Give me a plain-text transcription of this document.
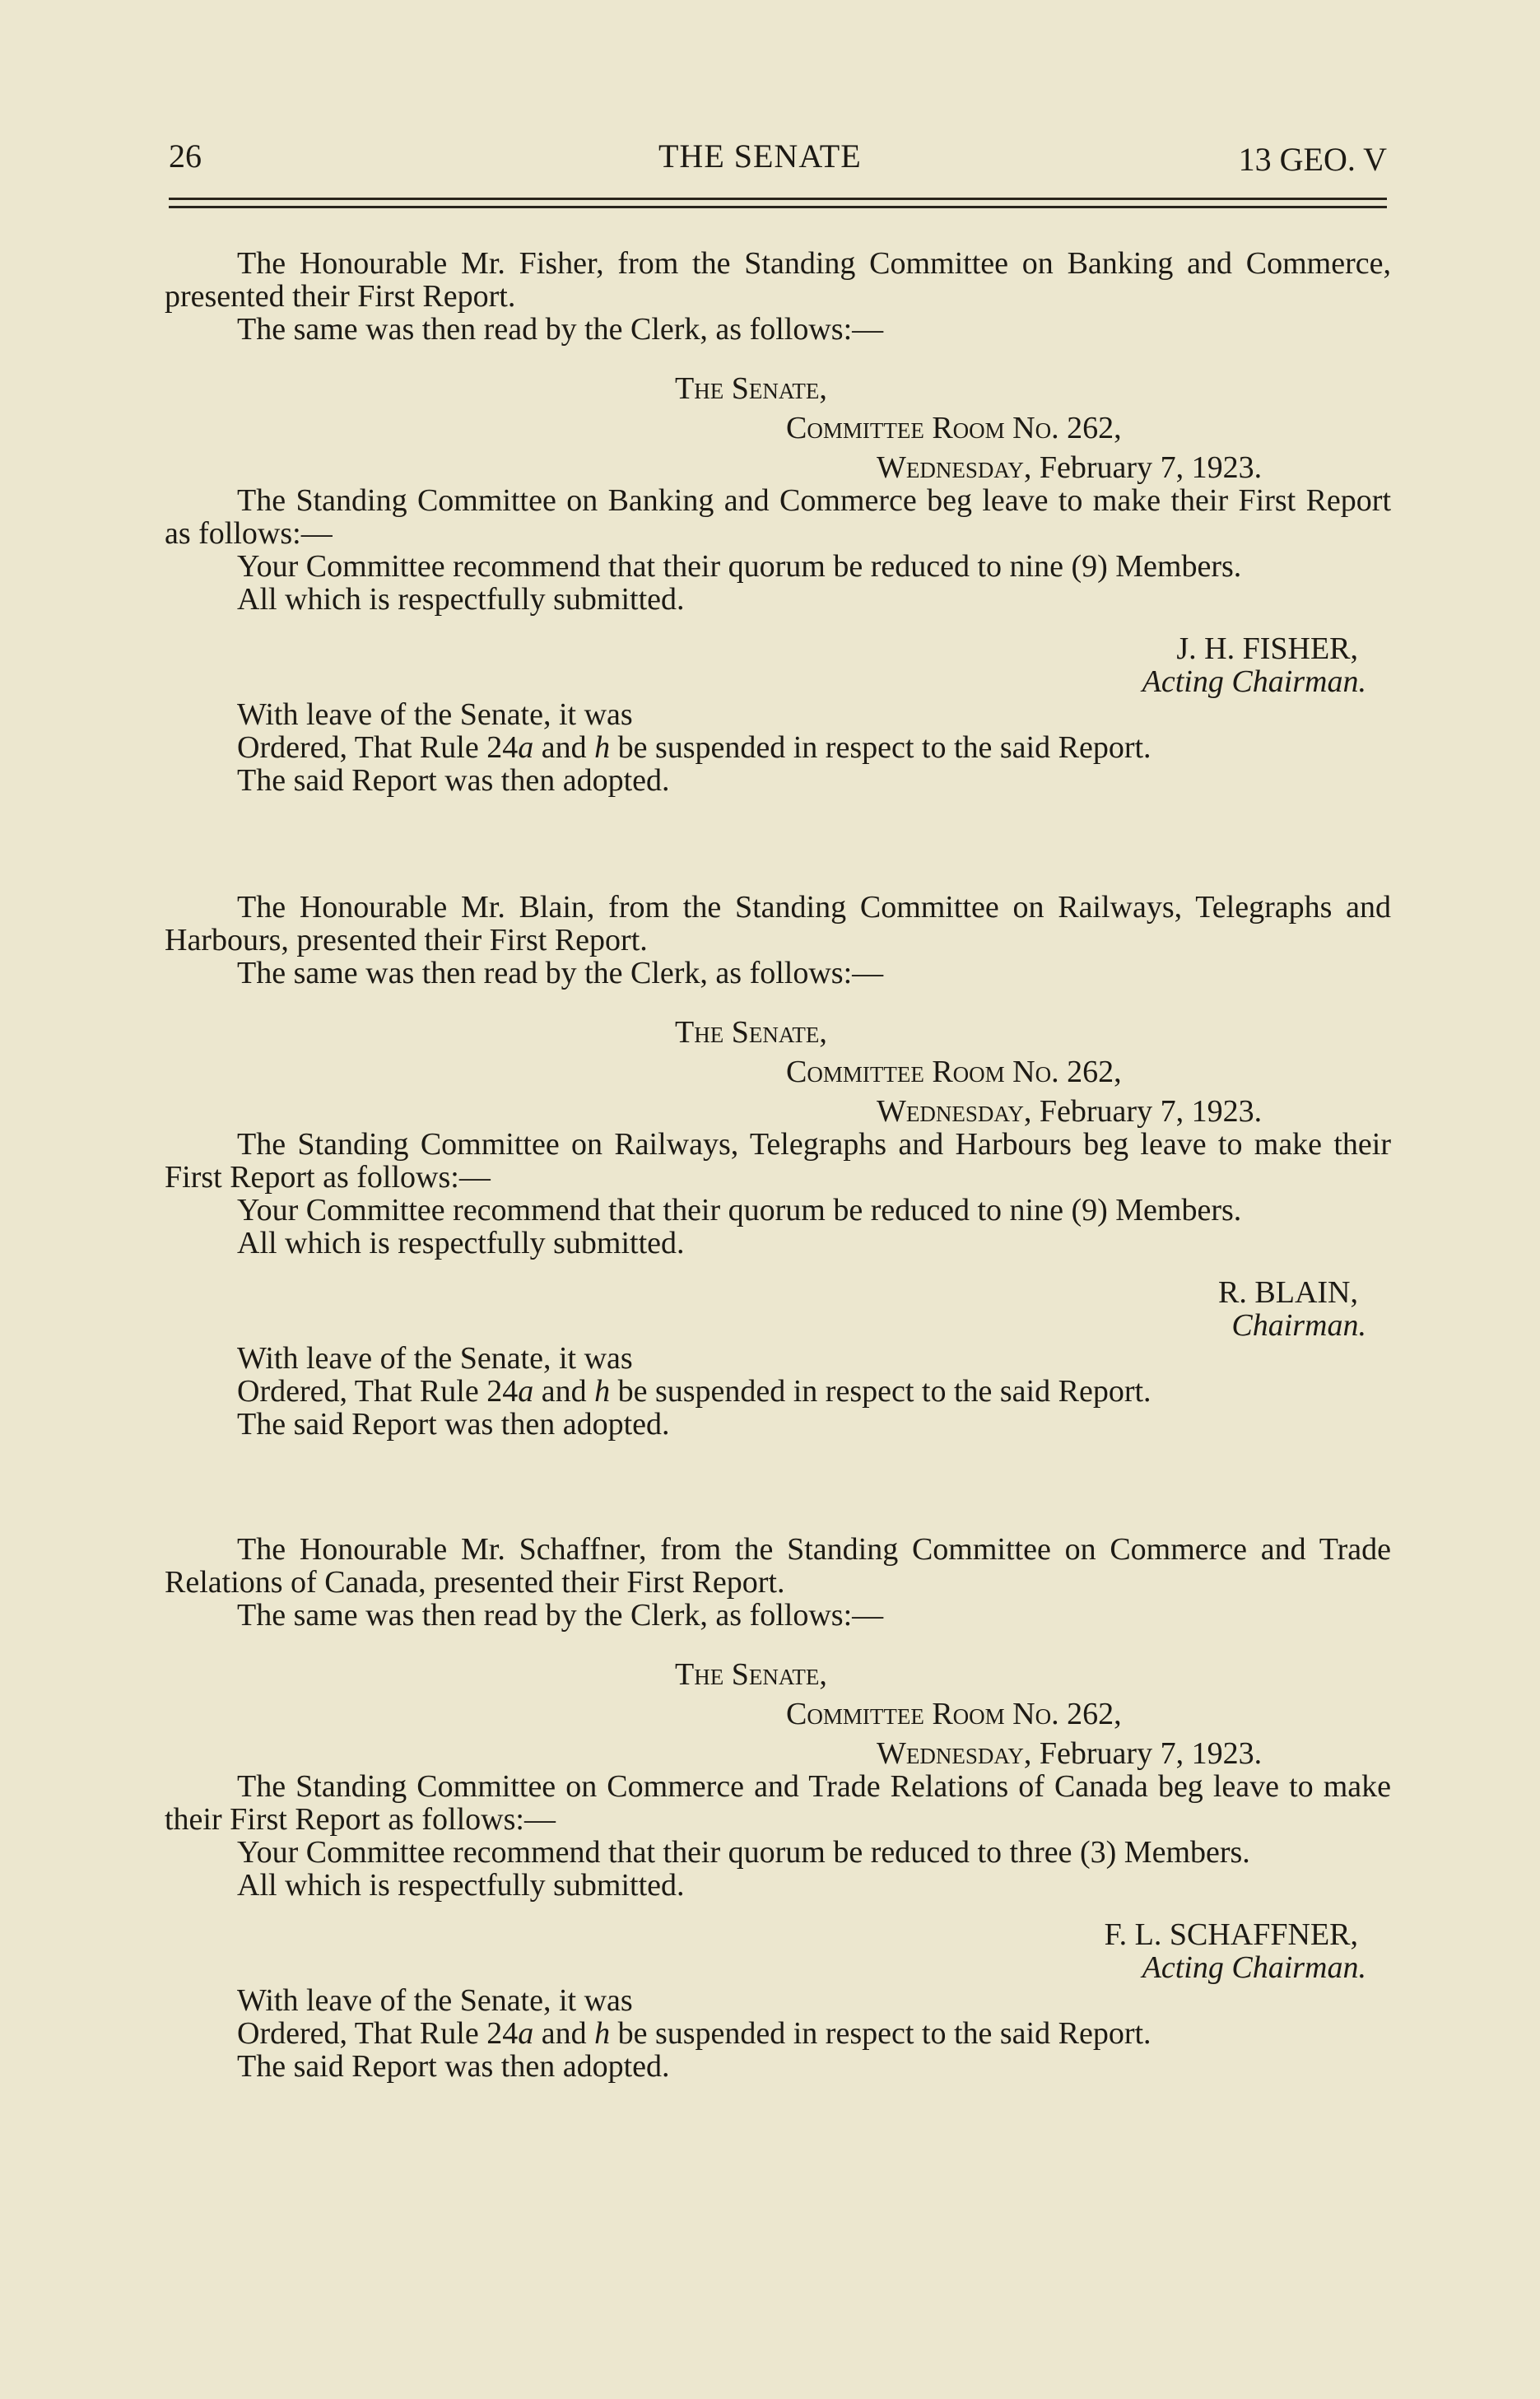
26	THE SENATE	13 GEO. V

The Honourable Mr. Fisher, from the Standing Committee on Banking and Commerce, presented their First Report.

The same was then read by the Clerk, as follows:—

The Senate,

Committee Room No. 262,

Wednesday, February 7, 1923.

The Standing Committee on Banking and Commerce beg leave to make their First Report as follows:—

Your Committee recommend that their quorum be reduced to nine (9) Members.

All which is respectfully submitted.

J. H. FISHER,

Acting Chairman.

With leave of the Senate, it was

Ordered, That Rule 24a and h be suspended in respect to the said Report.

The said Report was then adopted.

The Honourable Mr. Blain, from the Standing Committee on Railways, Telegraphs and Harbours, presented their First Report.

The same was then read by the Clerk, as follows:—

The Senate,

Committee Room No. 262,

Wednesday, February 7, 1923.

The Standing Committee on Railways, Telegraphs and Harbours beg leave to make their First Report as follows:—

Your Committee recommend that their quorum be reduced to nine (9) Members.

All which is respectfully submitted.

R. BLAIN,

Chairman.

With leave of the Senate, it was

Ordered, That Rule 24a and h be suspended in respect to the said Report.

The said Report was then adopted.

The Honourable Mr. Schaffner, from the Standing Committee on Commerce and Trade Relations of Canada, presented their First Report.

The same was then read by the Clerk, as follows:—

The Senate,

Committee Room No. 262,

Wednesday, February 7, 1923.

The Standing Committee on Commerce and Trade Relations of Canada beg leave to make their First Report as follows:—

Your Committee recommend that their quorum be reduced to three (3) Members.

All which is respectfully submitted.

F. L. SCHAFFNER,

Acting Chairman.

With leave of the Senate, it was

Ordered, That Rule 24a and h be suspended in respect to the said Report.

The said Report was then adopted.
